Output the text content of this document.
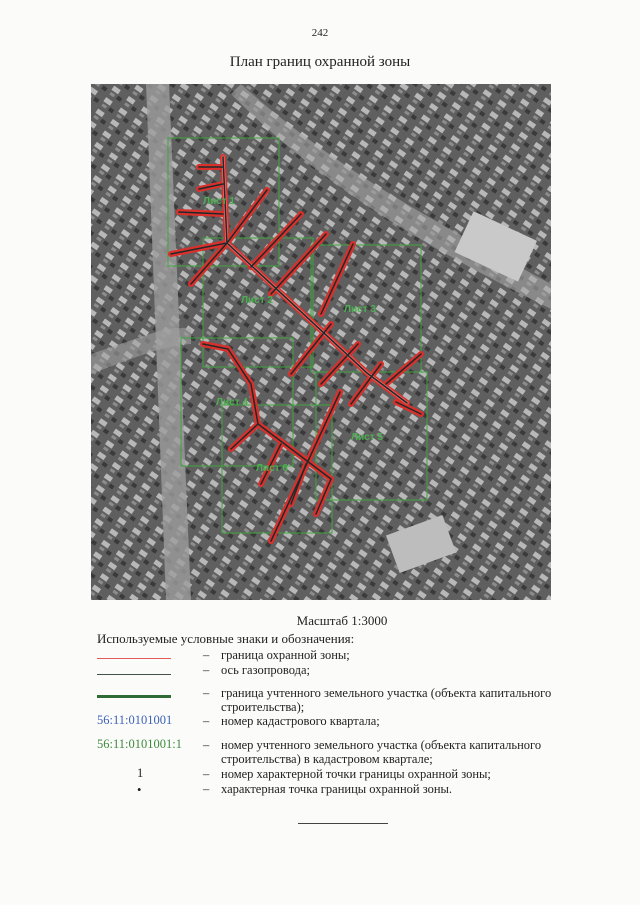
242
План границ охранной зоны
Лист 1
Лист 2
Лист 3
Лист 4
Лист 5
Лист 6
Масштаб 1:3000
Используемые условные знаки и обозначения:
– границa охранной зоны;
– ось газопровода;
– граница учтенного земельного участка (объекта капитального строительства);
56:11:0101001 – номер кадастрового квартала;
56:11:0101001:1 – номер учтенного земельного участка (объекта капитального строительства) в кадастровом квартале;
1	– номер характерной точки границы охранной зоны;
•	– характерная точка границы охранной зоны.
